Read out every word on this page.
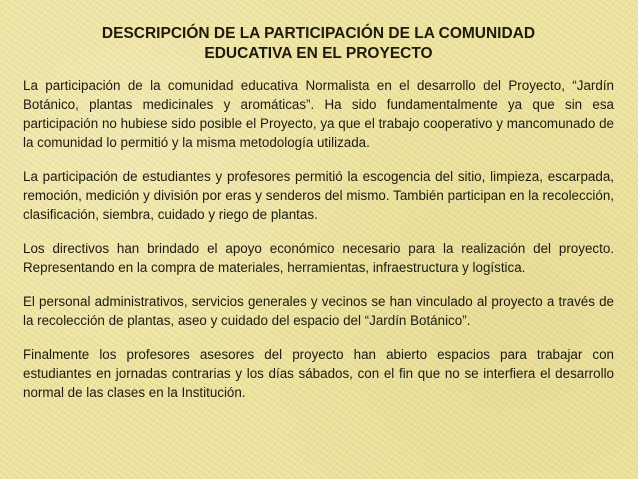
DESCRIPCIÓN DE LA PARTICIPACIÓN DE LA COMUNIDAD
EDUCATIVA EN EL PROYECTO

La participación de la comunidad educativa Normalista en el desarrollo del Proyecto, “Jardín Botánico, plantas medicinales y aromáticas”. Ha sido fundamentalmente ya que sin esa participación no hubiese sido posible el Proyecto, ya que el trabajo cooperativo y mancomunado de la comunidad lo permitió y la misma metodología utilizada.

La participación de estudiantes y profesores permitió la escogencia del sitio, limpieza, escarpada, remoción, medición y división por eras y senderos del mismo. También participan en la recolección, clasificación, siembra, cuidado y riego de plantas.

Los directivos han brindado el apoyo económico necesario para la realización del proyecto. Representando en la compra de materiales, herramientas, infraestructura y logística.

El personal administrativos, servicios generales y vecinos se han vinculado al proyecto a través de la recolección de plantas, aseo y cuidado del espacio del “Jardín Botánico”.

Finalmente los profesores asesores del proyecto han abierto espacios para trabajar con estudiantes en jornadas contrarias y los días sábados, con el fin que no se interfiera el desarrollo normal de las clases en la Institución.
